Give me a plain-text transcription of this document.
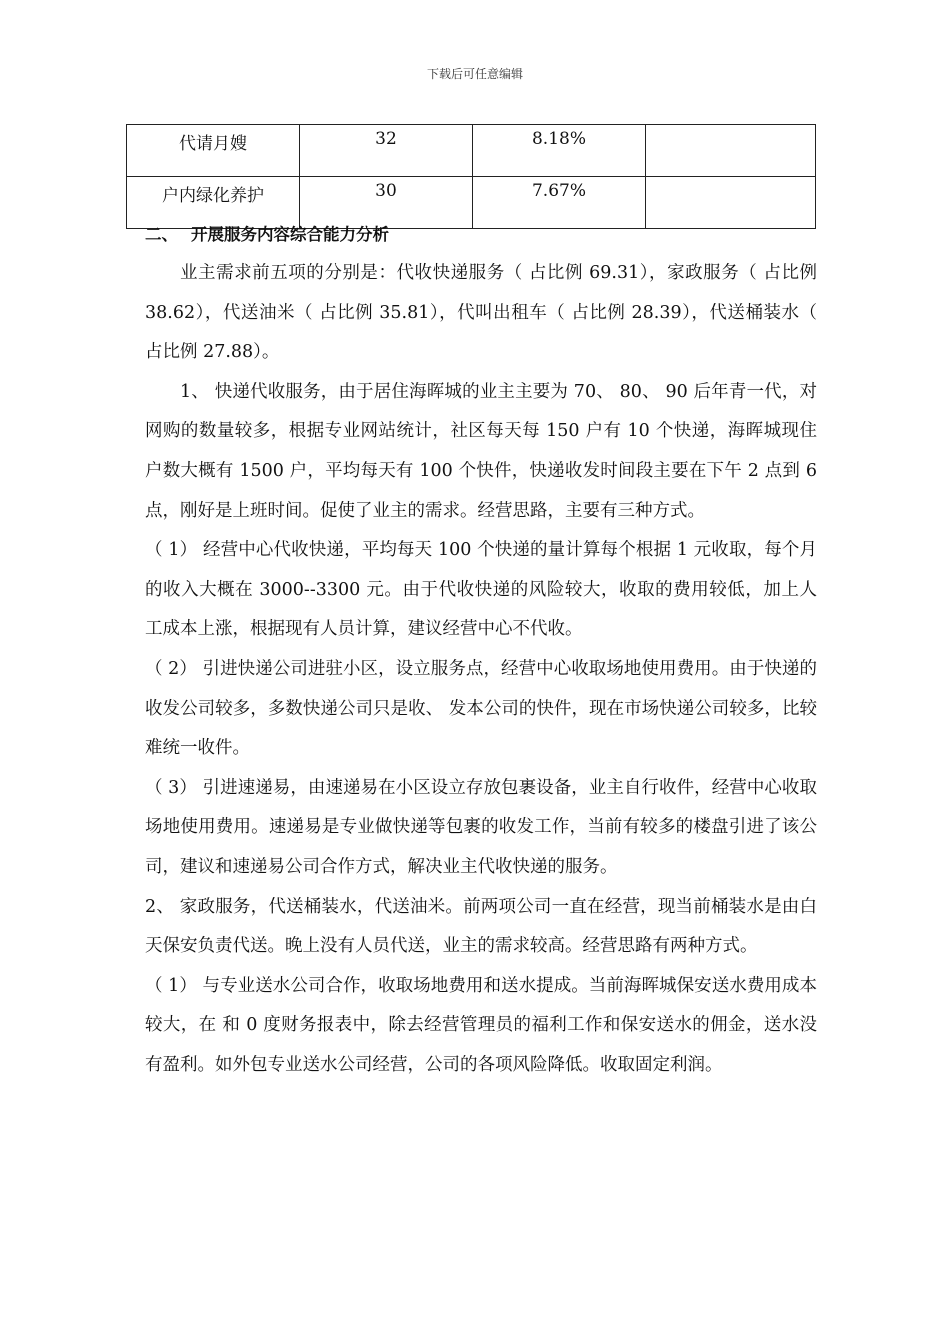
下载后可任意编辑
代请月嫂	32	8.18%	
户内绿化养护	30	7.67%	
二、 开展服务内容综合能力分析

业主需求前五项的分别是：代收快递服务（ 占比例 69.31），家政服务（ 占比例 38.62），代送油米（ 占比例 35.81），代叫出租车（ 占比例 28.39），代送桶装水（ 占比例 27.88）。

1、 快递代收服务，由于居住海晖城的业主主要为 70、 80、 90 后年青一代，对网购的数量较多，根据专业网站统计，社区每天每 150 户有 10 个快递，海晖城现住户数大概有 1500 户，平均每天有 100 个快件，快递收发时间段主要在下午 2 点到 6 点，刚好是上班时间。促使了业主的需求。经营思路，主要有三种方式。

（ 1） 经营中心代收快递，平均每天 100 个快递的量计算每个根据 1 元收取，每个月的收入大概在 3000--3300 元。由于代收快递的风险较大，收取的费用较低，加上人工成本上涨，根据现有人员计算，建议经营中心不代收。

（ 2） 引进快递公司进驻小区，设立服务点，经营中心收取场地使用费用。由于快递的收发公司较多，多数快递公司只是收、 发本公司的快件，现在市场快递公司较多，比较难统一收件。

（ 3） 引进速递易，由速递易在小区设立存放包裹设备，业主自行收件，经营中心收取场地使用费用。速递易是专业做快递等包裹的收发工作，当前有较多的楼盘引进了该公司，建议和速递易公司合作方式，解决业主代收快递的服务。

2、 家政服务，代送桶装水，代送油米。前两项公司一直在经营，现当前桶装水是由白天保安负责代送。晚上没有人员代送，业主的需求较高。经营思路有两种方式。

（ 1） 与专业送水公司合作，收取场地费用和送水提成。当前海晖城保安送水费用成本较大，在 和 0 度财务报表中，除去经营管理员的福利工作和保安送水的佣金，送水没有盈利。如外包专业送水公司经营，公司的各项风险降低。收取固定利润。
